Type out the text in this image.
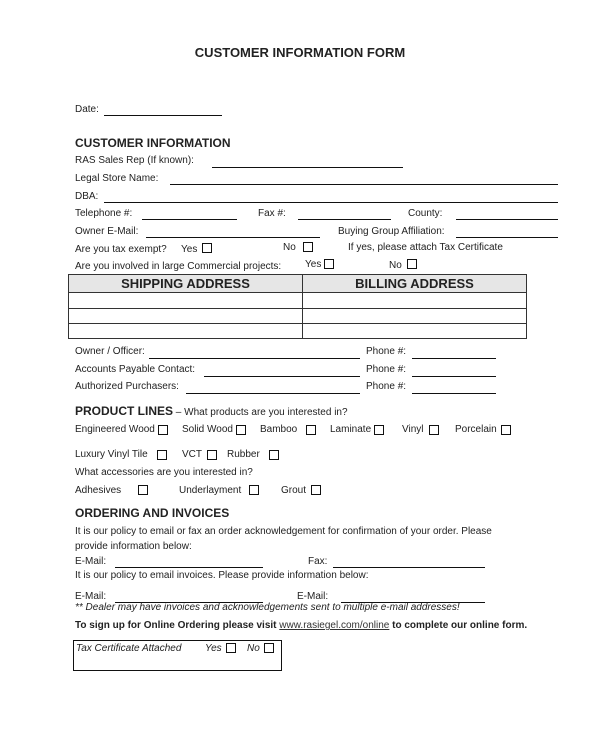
CUSTOMER INFORMATION FORM
Date:
CUSTOMER INFORMATION
RAS Sales Rep (If known):
Legal Store Name:
DBA:
Telephone #:	Fax #:	County:
Owner E-Mail:	Buying Group Affiliation:
Are you tax exempt? Yes	No	If yes, please attach Tax Certificate
Are you involved in large Commercial projects: Yes	No
SHIPPING ADDRESS	BILLING ADDRESS
Owner / Officer:	Phone #:
Accounts Payable Contact:	Phone #:
Authorized Purchasers:	Phone #:
PRODUCT LINES – What products are you interested in?
Engineered Wood	Solid Wood	Bamboo	Laminate	Vinyl	Porcelain
Luxury Vinyl Tile	VCT	Rubber
What accessories are you interested in?
Adhesives	Underlayment	Grout
ORDERING AND INVOICES
It is our policy to email or fax an order acknowledgement for confirmation of your order. Please
provide information below:
E-Mail:	Fax:
It is our policy to email invoices. Please provide information below:
E-Mail:	E-Mail:
** Dealer may have invoices and acknowledgements sent to multiple e-mail addresses!
To sign up for Online Ordering please visit www.rasiegel.com/online to complete our online form.
Tax Certificate Attached Yes	No
